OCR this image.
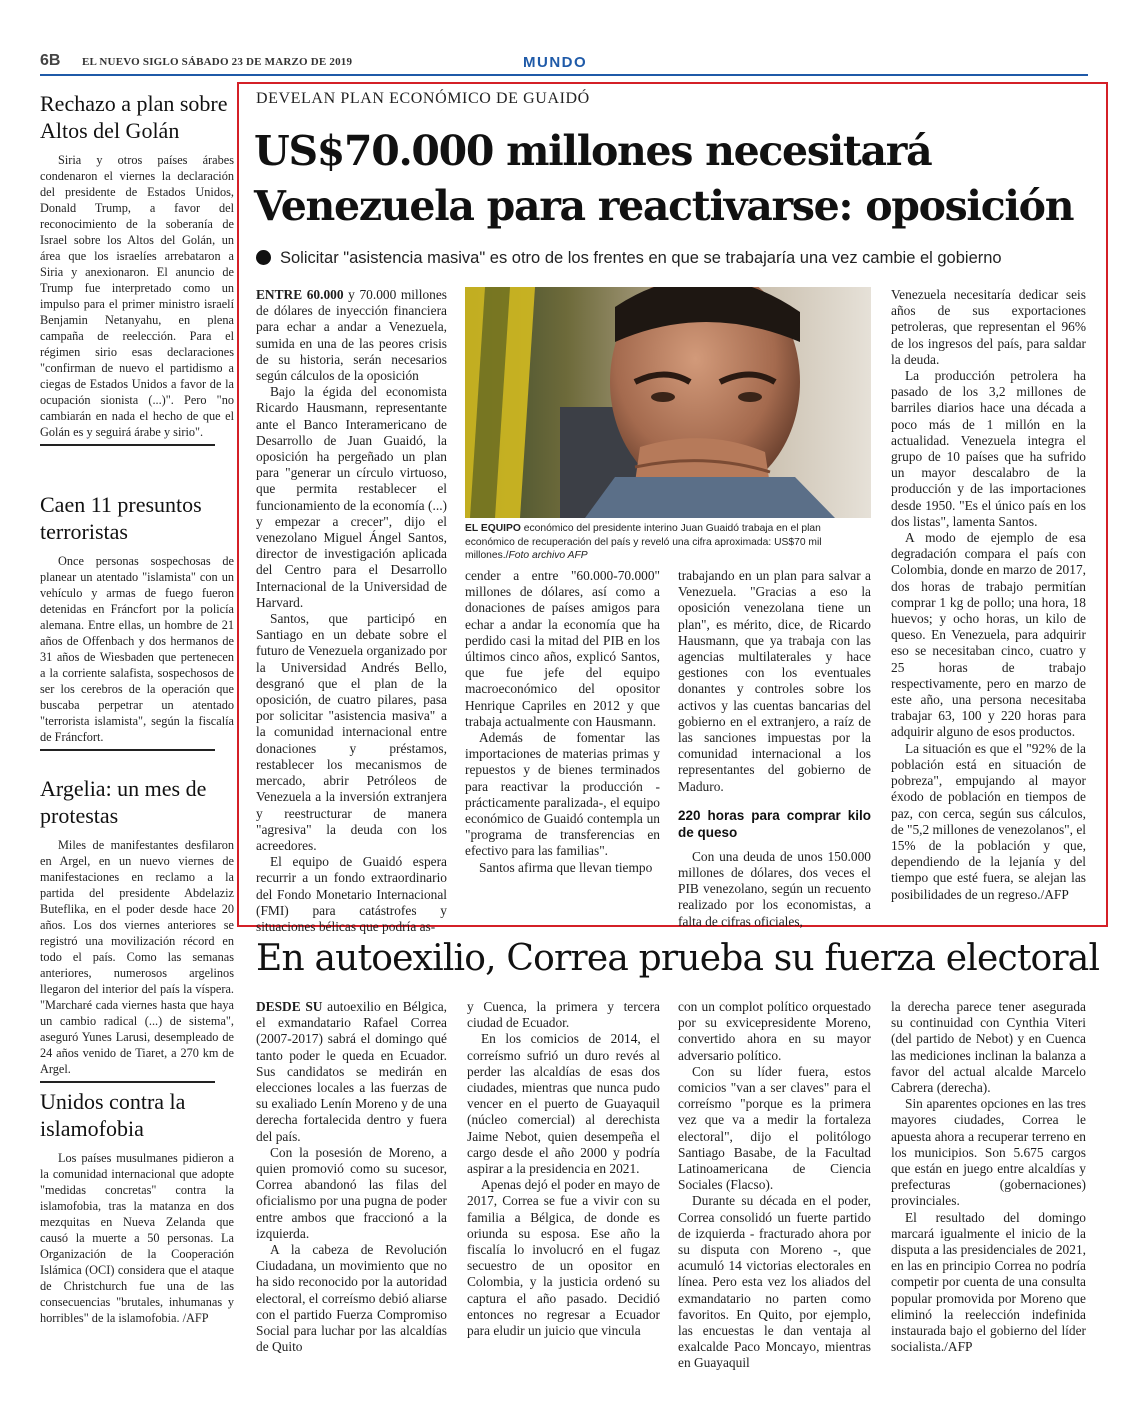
6B EL NUEVO SIGLO SÁBADO 23 DE MARZO DE 2019	MUNDO
Rechazo a plan sobre Altos del Golán

Siria y otros países árabes condenaron el viernes la declaración del presidente de Estados Unidos, Donald Trump, a favor del reconocimiento de la soberanía de Israel sobre los Altos del Golán, un área que los israelíes arrebataron a Siria y anexionaron. El anuncio de Trump fue interpretado como un impulso para el primer ministro israelí Benjamin Netanyahu, en plena campaña de reelección. Para el régimen sirio esas declaraciones "confirman de nuevo el partidismo a ciegas de Estados Unidos a favor de la ocupación sionista (...)". Pero "no cambiarán en nada el hecho de que el Golán es y seguirá árabe y sirio".

Caen 11 presuntos terroristas

Once personas sospechosas de planear un atentado "islamista" con un vehículo y armas de fuego fueron detenidas en Fráncfort por la policía alemana. Entre ellas, un hombre de 21 años de Offenbach y dos hermanos de 31 años de Wiesbaden que pertenecen a la corriente salafista, sospechosos de ser los cerebros de la operación que buscaba perpetrar un atentado "terrorista islamista", según la fiscalía de Fráncfort.

Argelia: un mes de protestas

Miles de manifestantes desfilaron en Argel, en un nuevo viernes de manifestaciones en reclamo a la partida del presidente Abdelaziz Buteflika, en el poder desde hace 20 años. Los dos viernes anteriores se registró una movilización récord en todo el país. Como las semanas anteriores, numerosos argelinos llegaron del interior del país la víspera. "Marcharé cada viernes hasta que haya un cambio radical (...) de sistema", aseguró Yunes Larusi, desempleado de 24 años venido de Tiaret, a 270 km de Argel.

Unidos contra la islamofobia

Los países musulmanes pidieron a la comunidad internacional que adopte "medidas concretas" contra la islamofobia, tras la matanza en dos mezquitas en Nueva Zelanda que causó la muerte a 50 personas. La Organización de la Cooperación Islámica (OCI) considera que el ataque de Christchurch fue una de las consecuencias "brutales, inhumanas y horribles" de la islamofobia. /AFP

DEVELAN PLAN ECONÓMICO DE GUAIDÓ
US$70.000 millones necesitará
Venezuela para reactivarse: oposición
Solicitar "asistencia masiva" es otro de los frentes en que se trabajaría una vez cambie el gobierno

ENTRE 60.000 y 70.000 millones de dólares de inyección financiera para echar a andar a Venezuela, sumida en una de las peores crisis de su historia, serán necesarios según cálculos de la oposición

Bajo la égida del economista Ricardo Hausmann, representante ante el Banco Interamericano de Desarrollo de Juan Guaidó, la oposición ha pergeñado un plan para "generar un círculo virtuoso, que permita restablecer el funcionamiento de la economía (...) y empezar a crecer", dijo el venezolano Miguel Ángel Santos, director de investigación aplicada del Centro para el Desarrollo Internacional de la Universidad de Harvard.

Santos, que participó en Santiago en un debate sobre el futuro de Venezuela organizado por la Universidad Andrés Bello, desgranó que el plan de la oposición, de cuatro pilares, pasa por solicitar "asistencia masiva" a la comunidad internacional entre donaciones y préstamos, restablecer los mecanismos de mercado, abrir Petróleos de Venezuela a la inversión extranjera y reestructurar de manera "agresiva" la deuda con los acreedores.

El equipo de Guaidó espera recurrir a un fondo extraordinario del Fondo Monetario Internacional (FMI) para catástrofes y situaciones bélicas que podría as-

EL EQUIPO económico del presidente interino Juan Guaidó trabaja en el plan económico de recuperación del país y reveló una cifra aproximada: US$70 mil millones./Foto archivo AFP

cender a entre "60.000-70.000" millones de dólares, así como a donaciones de países amigos para echar a andar la economía que ha perdido casi la mitad del PIB en los últimos cinco años, explicó Santos, que fue jefe del equipo macroeconómico del opositor Henrique Capriles en 2012 y que trabaja actualmente con Hausmann.

Además de fomentar las importaciones de materias primas y repuestos y de bienes terminados para reactivar la producción -prácticamente paralizada-, el equipo económico de Guaidó contempla un "programa de transferencias en efectivo para las familias".

Santos afirma que llevan tiempo

trabajando en un plan para salvar a Venezuela. "Gracias a eso la oposición venezolana tiene un plan", es mérito, dice, de Ricardo Hausmann, que ya trabaja con las agencias multilaterales y hace gestiones con los eventuales donantes y controles sobre los activos y las cuentas bancarias del gobierno en el extranjero, a raíz de las sanciones impuestas por la comunidad internacional a los representantes del gobierno de Maduro.

220 horas para comprar kilo de queso

Con una deuda de unos 150.000 millones de dólares, dos veces el PIB venezolano, según un recuento realizado por los economistas, a falta de cifras oficiales,

Venezuela necesitaría dedicar seis años de sus exportaciones petroleras, que representan el 96% de los ingresos del país, para saldar la deuda.

La producción petrolera ha pasado de los 3,2 millones de barriles diarios hace una década a poco más de 1 millón en la actualidad. Venezuela integra el grupo de 10 países que ha sufrido un mayor descalabro de la producción y de las importaciones desde 1950. "Es el único país en los dos listas", lamenta Santos.

A modo de ejemplo de esa degradación compara el país con Colombia, donde en marzo de 2017, dos horas de trabajo permitían comprar 1 kg de pollo; una hora, 18 huevos; y ocho horas, un kilo de queso. En Venezuela, para adquirir eso se necesitaban cinco, cuatro y 25 horas de trabajo respectivamente, pero en marzo de este año, una persona necesitaba trabajar 63, 100 y 220 horas para adquirir alguno de esos productos.

La situación es que el "92% de la población está en situación de pobreza", empujando al mayor éxodo de población en tiempos de paz, con cerca, según sus cálculos, de "5,2 millones de venezolanos", el 15% de la población y que, dependiendo de la lejanía y del tiempo que esté fuera, se alejan las posibilidades de un regreso./AFP

En autoexilio, Correa prueba su fuerza electoral

DESDE SU autoexilio en Bélgica, el exmandatario Rafael Correa (2007-2017) sabrá el domingo qué tanto poder le queda en Ecuador. Sus candidatos se medirán en elecciones locales a las fuerzas de su exaliado Lenín Moreno y de una derecha fortalecida dentro y fuera del país.

Con la posesión de Moreno, a quien promovió como su sucesor, Correa abandonó las filas del oficialismo por una pugna de poder entre ambos que fraccionó a la izquierda.

A la cabeza de Revolución Ciudadana, un movimiento que no ha sido reconocido por la autoridad electoral, el correísmo debió aliarse con el partido Fuerza Compromiso Social para luchar por las alcaldías de Quito

y Cuenca, la primera y tercera ciudad de Ecuador.

En los comicios de 2014, el correísmo sufrió un duro revés al perder las alcaldías de esas dos ciudades, mientras que nunca pudo vencer en el puerto de Guayaquil (núcleo comercial) al derechista Jaime Nebot, quien desempeña el cargo desde el año 2000 y podría aspirar a la presidencia en 2021.

Apenas dejó el poder en mayo de 2017, Correa se fue a vivir con su familia a Bélgica, de donde es oriunda su esposa. Ese año la fiscalía lo involucró en el fugaz secuestro de un opositor en Colombia, y la justicia ordenó su captura el año pasado. Decidió entonces no regresar a Ecuador para eludir un juicio que vincula

con un complot político orquestado por su exvicepresidente Moreno, convertido ahora en su mayor adversario político.

Con su líder fuera, estos comicios "van a ser claves" para el correísmo "porque es la primera vez que va a medir la fortaleza electoral", dijo el politólogo Santiago Basabe, de la Facultad Latinoamericana de Ciencia Sociales (Flacso).

Durante su década en el poder, Correa consolidó un fuerte partido de izquierda - fracturado ahora por su disputa con Moreno -, que acumuló 14 victorias electorales en línea. Pero esta vez los aliados del exmandatario no parten como favoritos. En Quito, por ejemplo, las encuestas le dan ventaja al exalcalde Paco Moncayo, mientras en Guayaquil

la derecha parece tener asegurada su continuidad con Cynthia Viteri (del partido de Nebot) y en Cuenca las mediciones inclinan la balanza a favor del actual alcalde Marcelo Cabrera (derecha).

Sin aparentes opciones en las tres mayores ciudades, Correa le apuesta ahora a recuperar terreno en los municipios. Son 5.675 cargos que están en juego entre alcaldías y prefecturas (gobernaciones) provinciales.

El resultado del domingo marcará igualmente el inicio de la disputa a las presidenciales de 2021, en las en principio Correa no podría competir por cuenta de una consulta popular promovida por Moreno que eliminó la reelección indefinida instaurada bajo el gobierno del líder socialista./AFP
